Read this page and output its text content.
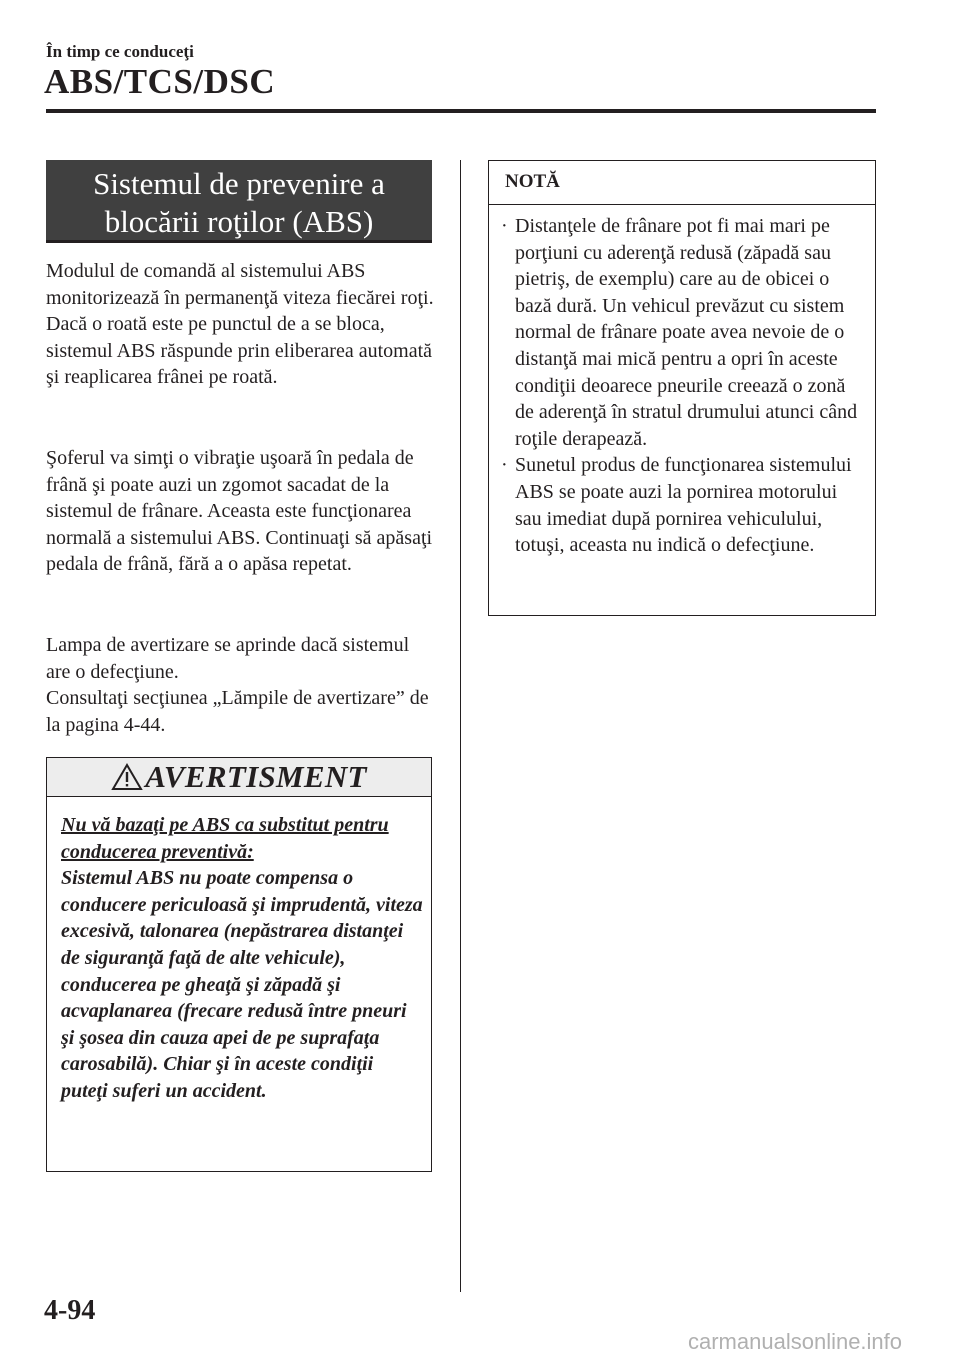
În timp ce conduceţi
ABS/TCS/DSC
Sistemul de prevenire a
blocării roţilor (ABS)

Modulul de comandă al sistemului ABS monitorizează în permanenţă viteza fiecărei roţi. Dacă o roată este pe punctul de a se bloca, sistemul ABS răspunde prin eliberarea automată şi reaplicarea frânei pe roată.

Şoferul va simţi o vibraţie uşoară în pedala de frână şi poate auzi un zgomot sacadat de la sistemul de frânare. Aceasta este funcţionarea normală a sistemului ABS. Continuaţi să apăsaţi pedala de frână, fără a o apăsa repetat.

Lampa de avertizare se aprinde dacă sistemul are o defecţiune.
Consultaţi secţiunea „Lămpile de avertizare” de la pagina 4-44.

AVERTISMENT

Nu vă bazaţi pe ABS ca substitut pentru conducerea preventivă:
Sistemul ABS nu poate compensa o conducere periculoasă şi imprudentă, viteza excesivă, talonarea (nepăstrarea distanţei de siguranţă faţă de alte vehicule), conducerea pe gheaţă şi zăpadă şi acvaplanarea (frecare redusă între pneuri şi şosea din cauza apei de pe suprafaţa carosabilă). Chiar şi în aceste condiţii puteţi suferi un accident.

NOTĂ
· Distanţele de frânare pot fi mai mari pe porţiuni cu aderenţă redusă (zăpadă sau pietriş, de exemplu) care au de obicei o bază dură. Un vehicul prevăzut cu sistem normal de frânare poate avea nevoie de o distanţă mai mică pentru a opri în aceste condiţii deoarece pneurile creează o zonă de aderenţă în stratul drumului atunci când roţile derapează.
· Sunetul produs de funcţionarea sistemului ABS se poate auzi la pornirea motorului sau imediat după pornirea vehiculului, totuşi, aceasta nu indică o defecţiune.
4-94
carmanualsonline.info
